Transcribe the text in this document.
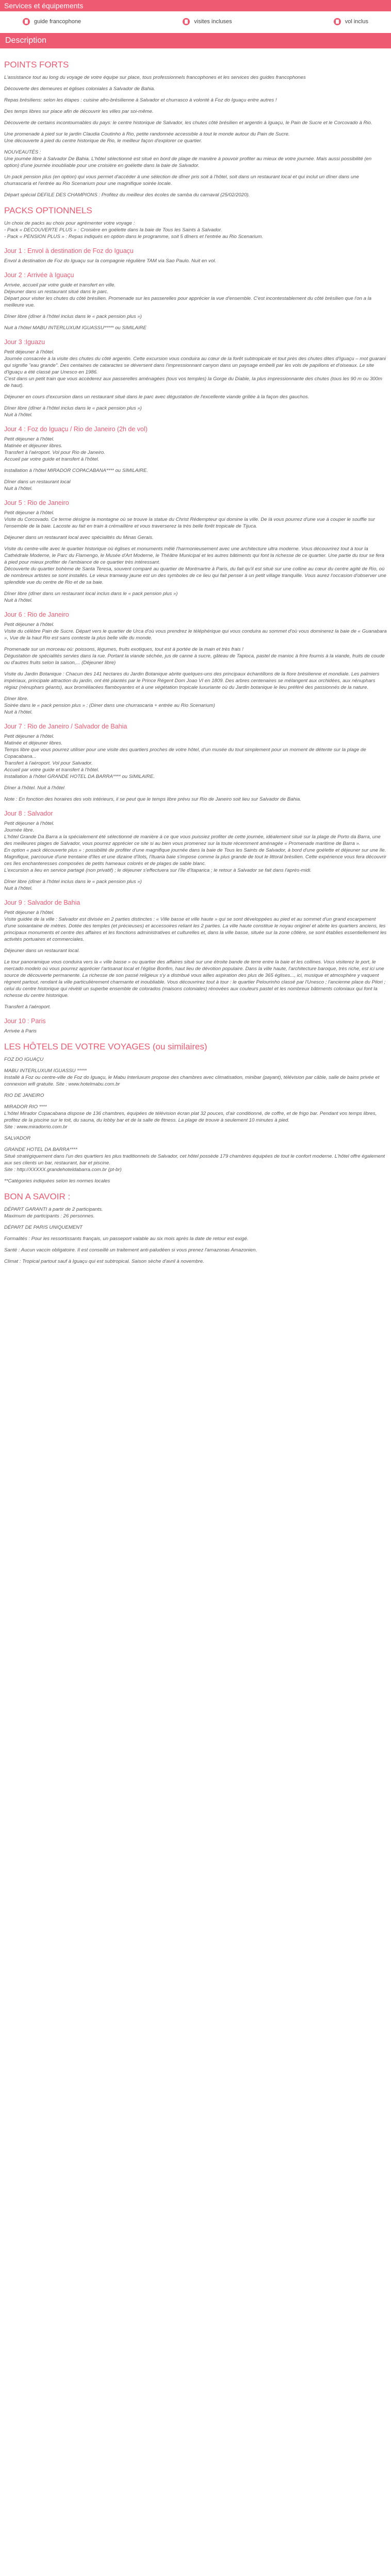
Services et équipements
guide francophone	visites incluses	vol inclus
Description
POINTS FORTS

L'assistance tout au long du voyage de votre équipe sur place, tous professionnels francophones et les services des guides francophones

Découverte des demeures et églises coloniales à Salvador de Bahia.

Repas brésiliens: selon les étapes : cuisine afro-brésilienne à Salvador et churrasco à volonté à Foz do Iguaçu entre autres !

Des temps libres sur place afin de découvrir les villes par soi-même.

Découverte de certains incontournables du pays: le centre historique de Salvador, les chutes côté brésilien et argentin à Iguaçu, le Pain de Sucre et le Corcovado à Rio.

Une promenade à pied sur le jardin Claudia Coutinho à Rio, petite randonnée accessible à tout le monde autour du Pain de Sucre.
Une découverte à pied du centre historique de Rio, le meilleur façon d'explorer ce quartier.

NOUVEAUTÉS :
Une journée libre à Salvador De Bahia. L'hôtel sélectionné est situé en bord de plage de manière à pouvoir profiter au mieux de votre journée. Mais aussi possibilité (en option) d'une journée inoubliable pour une croisière en goélette dans la baie de Salvador.

Un pack pension plus (en option) qui vous permet d'accéder à une sélection de dîner pris soit à l'hôtel, soit dans un restaurant local et qui inclut un dîner dans une churrascaria et l'entrée au Rio Scenarium pour une magnifique soirée locale.

Départ spécial DEFILE DES CHAMPIONS : Profitez du meilleur des écoles de samba du carnaval (25/02/2020).

PACKS OPTIONNELS

Un choix de packs au choix pour agrémenter votre voyage :
- Pack « DECOUVERTE PLUS » : Croisière en goélette dans la baie de Tous les Saints à Salvador.
- Pack « PENSION PLUS » : Repas indiqués en option dans le programme, soit 5 dîners et l'entrée au Rio Scenarium.

Jour 1 : Envol à destination de Foz do Iguaçu

Envol à destination de Foz do Iguaçu sur la compagnie régulière TAM via Sao Paulo. Nuit en vol.

Jour 2 : Arrivée à Iguaçu

Arrivée, accueil par votre guide et transfert en ville.
Déjeuner dans un restaurant situé dans le parc.
Départ pour visiter les chutes du côté brésilien. Promenade sur les passerelles pour apprécier la vue d'ensemble. C'est incontestablement du côté brésilien que l'on a la meilleure vue.

Dîner libre (dîner à l'hôtel inclus dans le « pack pension plus »)

Nuit à l'hôtel MABU INTERLUXUM IGUASSU***** ou SIMILAIRE

Jour 3 :Iguazu

Petit déjeuner à l'hôtel.
Journée consacrée à la visite des chutes du côté argentin. Cette excursion vous conduira au cœur de la forêt subtropicale et tout près des chutes dites d'Iguaçu – mot guarani qui signifie "eau grande". Des centaines de cataractes se déversent dans l'impressionnant canyon dans un paysage embelli par les vols de papillons et d'oiseaux. Le site d'Iguaçu a été classé par Unesco en 1986.
C'est dans un petit train que vous accèderez aux passerelles aménagées (tous vos temples) la Gorge du Diable, la plus impressionnante des chutes (tous les 90 m ou 300m de haut).

Déjeuner en cours d'excursion dans un restaurant situé dans le parc avec dégustation de l'excellente viande grillée à la façon des gauchos.

Dîner libre (dîner à l'hôtel inclus dans le « pack pension plus »)
Nuit à l'hôtel.

Jour 4 : Foz do Iguaçu / Rio de Janeiro (2h de vol)

Petit déjeuner à l'hôtel.
Matinée et déjeuner libres.
Transfert à l'aéroport. Vol pour Rio de Janeiro.
Accueil par votre guide et transfert à l'hôtel.

Installation à l'hôtel MIRADOR COPACABANA**** ou SIMILAIRE.

Dîner dans un restaurant local
Nuit à l'hôtel.

Jour 5 : Rio de Janeiro

Petit déjeuner à l'hôtel.
Visite du Corcovado. Ce terme désigne la montagne où se trouve la statue du Christ Rédempteur qui domine la ville. De là vous pourrez d'une vue à couper le souffle sur l'ensemble de la baie. Lacoste au fait en train à crémaillère et vous traverserez la très belle forêt tropicale de Tijuca.

Déjeuner dans un restaurant local avec spécialités du Minas Gerais.

Visite du centre-ville avec le quartier historique où églises et monuments mêlé l'harmonieusement avec une architecture ultra moderne. Vous découvrirez tout à tour la Cathédrale Moderne, le Parc du Flamengo, le Musée d'Art Moderne, le Théâtre Municipal et les autres bâtiments qui font la richesse de ce quartier. Une partie du tour se fera à pied pour mieux profiter de l'ambiance de ce quartier très intéressant.
Découverte du quartier bohème de Santa Teresa, souvent comparé au quartier de Montmartre à Paris, du fait qu'il est situé sur une colline au cœur du centre agité de Rio, où de nombreux artistes se sont installés. Le vieux tramway jaune est un des symboles de ce lieu qui fait penser à un petit village tranquille. Vous aurez l'occasion d'observer une splendide vue du centre de Rio et de sa baie.

Dîner libre (dîner dans un restaurant local inclus dans le « pack pension plus »)
Nuit à l'hôtel.

Jour 6 : Rio de Janeiro

Petit déjeuner à l'hôtel.
Visite du célèbre Pain de Sucre. Départ vers le quartier de Urca d'où vous prendrez le téléphérique qui vous conduira au sommet d'où vous dominerez la baie de « Guanabara », Vue de la haut Rio est sans conteste la plus belle ville du monde.

Promenade sur un morceau où: poissons, légumes, fruits exotiques, tout est à portée de la main et très frais !
Dégustation de spécialités servies dans la rue. Portant la viande séchée, jus de canne à sucre, gâteau de Tapioca, pastel de manioc à frire fournis à la viande, fruits de coude ou d'autres fruits selon la saison,... (Déjeuner libre)

Visite du Jardin Botanique : Chacun des 141 hectares du Jardin Botanique abrite quelques-uns des principaux échantillons de la flore brésilienne et mondiale. Les palmiers impériaux, principale attraction du jardin, ont été plantés par le Prince Régent Dom Joao VI en 1809. Des arbres centenaires se mélangent aux orchidées, aux nénuphars régiaz (nénuphars géants), aux broméliacées flamboyantes et à une végétation tropicale luxuriante où du Jardin botanique le lieu préféré des passionnés de la nature.

Dîner libre.
Soirée dans le « pack pension plus » : (Diner dans une churrascaria + entrée au Rio Scenarium)
Nuit à l'hôtel.

Jour 7 : Rio de Janeiro / Salvador de Bahia

Petit déjeuner à l'hôtel.
Matinée et déjeuner libres.
Temps libre que vous pourrez utiliser pour une visite des quartiers proches de votre hôtel, d'un musée du tout simplement pour un moment de détente sur la plage de Copacabana...
Transfert à l'aéroport. Vol pour Salvador.
Accueil par votre guide et transfert à l'hôtel.
Installation à l'hôtel GRANDE HOTEL DA BARRA**** ou SIMILAIRE.

Dîner à l'hôtel. Nuit à l'hôtel

Note : En fonction des horaires des vols intérieurs, il se peut que le temps libre prévu sur Rio de Janeiro soit lieu sur Salvador de Bahia.

Jour 8 : Salvador

Petit déjeuner à l'hôtel.
Journée libre.
L'hôtel Grande Da Barra a la spécialement été sélectionné de manière à ce que vous puissiez profiter de cette journée, idéalement situé sur la plage de Porto da Barra, une des meilleures plages de Salvador, vous pourrez apprécier ce site si au bien vous promenez sur la toute récemment aménagée « Promenade maritime de Barra ».
En option « pack découverte plus » : possibilité de profiter d'une magnifique journée dans la baie de Tous les Saints de Salvador, à bord d'une goélette et déjeuner sur une île.
Magnifique, parcourue d'une trentaine d'îles et une dizaine d'îlots, l'Ituaria baie s'impose comme la plus grande de tout le littoral brésilien. Cette expérience vous fera découvrir ces îles enchanteresses composées de petits hameaux colorés et de plages de sable blanc.
L'excursion a lieu en service partagé (non privatif) ; le déjeuner s'effectuera sur l'île d'Itaparica ; le retour à Salvador se fait dans l'après-midi.

Dîner libre (dîner à l'hôtel inclus dans le « pack pension plus »)
Nuit à l'hôtel.

Jour 9 : Salvador de Bahia

Petit déjeuner à l'hôtel.
Visite guidée de la ville : Salvador est divisée en 2 parties distinctes : « Ville basse et ville haute » qui se sont développées au pied et au sommet d'un grand escarpement d'une soixantaine de mètres. Dotée des temples (et précieuses) et accessoires reliant les 2 parties. La ville haute constitue le noyau originel et abrite les quartiers anciens, les principaux monuments et centre des affaires et les fonctions administratives et culturelles et, dans la ville basse, située sur la zone côtière, se sont établies essentiellement les activités portuaires et commerciales.

Déjeuner dans un restaurant local.

Le tour panoramique vous conduira vers la « ville basse » ou quartier des affaires situé sur une étroite bande de terre entre la baie et les collines. Vous visiterez le port, le mercado modelo où vous pourrez apprécier l'artisanat local et l'église Bonfim, haut lieu de dévotion populaire. Dans la ville haute, l'architecture baroque, très riche, est ici une source de découverte permanente. La richesse de son passé religieux s'y a distribué vous ailles aspiration des plus de 365 églises..., ici, musique et atmosphère y vaquent règnent partout, rendant la ville particulièrement charmante et inoubliable. Vous découvrirez tout à tour : le quartier Pelourinho classé par l'Unesco ; l'ancienne place du Pilori ; celui du centre historique qui révèlé un superbe ensemble de colorados (maisons coloniales) rénovées aux couleurs pastel et les nombreux bâtiments coloniaux qui font la richesse du centre historique.

Transfert à l'aéroport.

Jour 10 : Paris

Arrivée à Paris

LES HÔTELS DE VOTRE VOYAGES (ou similaires)

FOZ DO IGUAÇU

MABU INTERLUXUM IGUASSU *****
Installé à Foz ou centre-ville de Foz do Iguaçu, le Mabu Interluxum propose des chambres avec climatisation, minibar (payant), télévision par câble, salle de bains privée et connexion wifi gratuite. Site : www.hotelmabu.com.br

RIO DE JANEIRO

MIRADOR RIO ****
L'hôtel Mirador Copacabana dispose de 136 chambres, équipées de télévision écran plat 32 pouces, d'air conditionné, de coffre, et de frigo bar. Pendant vos temps libres, profitez de la piscine sur le toit, du sauna, du lobby bar et de la salle de fitness. La plage de trouve à seulement 10 minutes à pied.
Site : www.miradorrio.com.br

SALVADOR

GRANDE HOTEL DA BARRA****
Situé stratégiquement dans l'un des quartiers les plus traditionnels de Salvador, cet hôtel possède 179 chambres équipées de tout le confort moderne. L'hôtel offre également aux ses clients un bar, restaurant, bar et piscine.
Site : http://XXXXX.grandehoteldabarra.com.br (pt-br)

**Catégories indiquées selon les normes locales

BON A SAVOIR :

DÉPART GARANTI à partir de 2 participants.
Maximum de participants : 26 personnes.

DÉPART DE PARIS UNIQUEMENT

Formalités : Pour les ressortissants français, un passeport valable au six mois après la date de retour est exigé.

Santé : Aucun vaccin obligatoire. Il est conseillé un traitement anti-paludéen si vous prenez l'amazonas Amazonien.

Climat : Tropical partout sauf à Iguaçu qui est subtropical. Saison sèche d'avril à novembre.
